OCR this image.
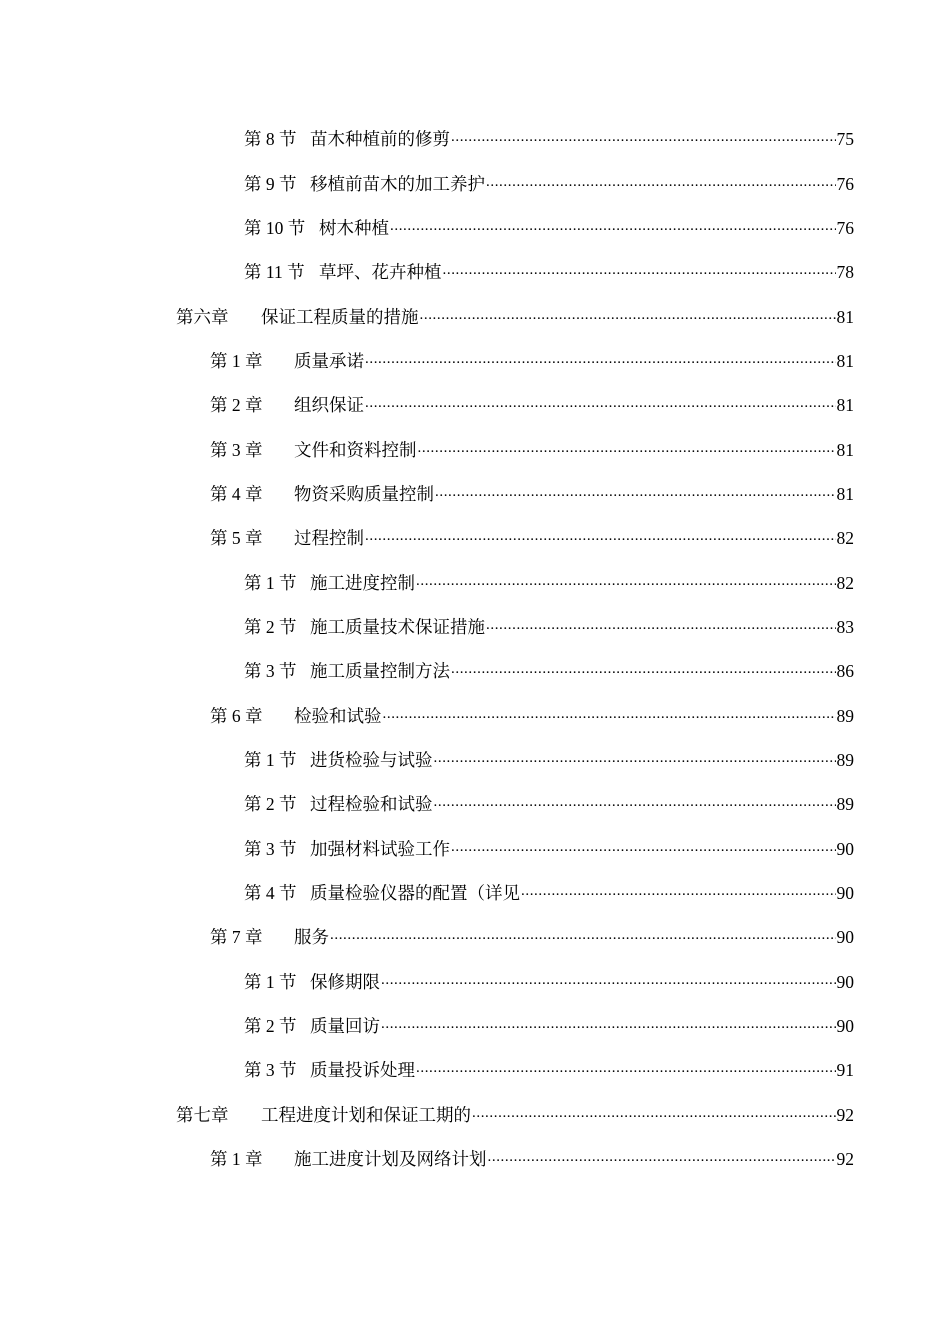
第 8 节 苗木种植前的修剪 .....	75
第 9 节 移植前苗木的加工养护 .....	76
第 10 节 树木种植 .....	76
第 11 节 草坪、花卉种植 .....	78
第六章	保证工程质量的措施 .....	81
第 1 章	质量承诺 .....	81
第 2 章	组织保证 .....	81
第 3 章	文件和资料控制 .....	81
第 4 章	物资采购质量控制 .....	81
第 5 章	过程控制 .....	82
第 1 节 施工进度控制 .....	82
第 2 节 施工质量技术保证措施 .....	83
第 3 节 施工质量控制方法 .....	86
第 6 章	检验和试验 .....	89
第 1 节 进货检验与试验 .....	89
第 2 节 过程检验和试验 .....	89
第 3 节 加强材料试验工作 .....	90
第 4 节 质量检验仪器的配置（详见 .....	90
第 7 章	服务 .....	90
第 1 节 保修期限 .....	90
第 2 节 质量回访 .....	90
第 3 节 质量投诉处理 .....	91
第七章	工程进度计划和保证工期的 .....	92
第 1 章	施工进度计划及网络计划 .....	92
